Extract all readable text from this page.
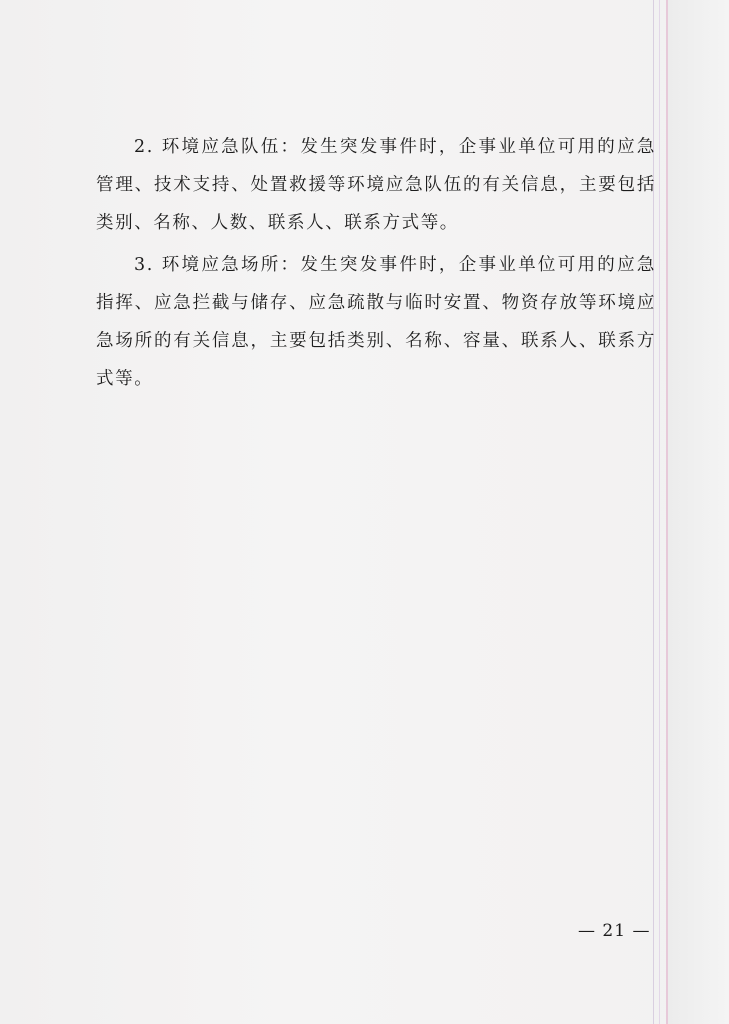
2. 环境应急队伍：发生突发事件时，企事业单位可用的应急管理、技术支持、处置救援等环境应急队伍的有关信息，主要包括类别、名称、人数、联系人、联系方式等。

3. 环境应急场所：发生突发事件时，企事业单位可用的应急指挥、应急拦截与储存、应急疏散与临时安置、物资存放等环境应急场所的有关信息，主要包括类别、名称、容量、联系人、联系方式等。

— 21 —
